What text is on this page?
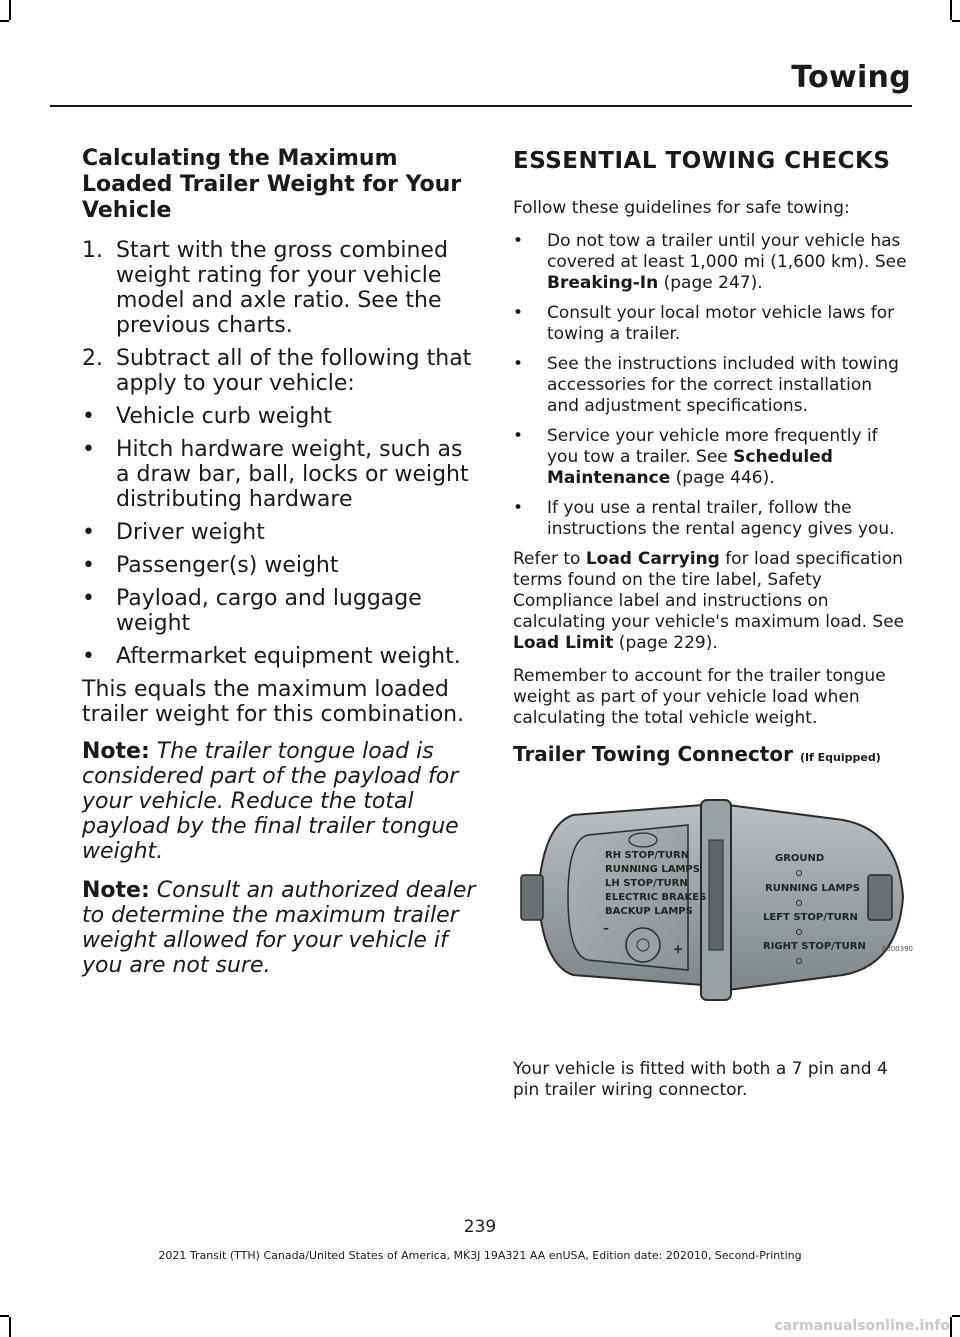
Towing
Calculating the Maximum Loaded Trailer Weight for Your Vehicle
1. Start with the gross combined weight rating for your vehicle model and axle ratio. See the previous charts.
2. Subtract all of the following that apply to your vehicle:
• Vehicle curb weight
• Hitch hardware weight, such as a draw bar, ball, locks or weight distributing hardware
• Driver weight
• Passenger(s) weight
• Payload, cargo and luggage weight
• Aftermarket equipment weight.

This equals the maximum loaded trailer weight for this combination.

Note: The trailer tongue load is considered part of the payload for your vehicle. Reduce the total payload by the final trailer tongue weight.

Note: Consult an authorized dealer to determine the maximum trailer weight allowed for your vehicle if you are not sure.

ESSENTIAL TOWING CHECKS

Follow these guidelines for safe towing:

• Do not tow a trailer until your vehicle has covered at least 1,000 mi (1,600 km). See Breaking-In (page 247).
• Consult your local motor vehicle laws for towing a trailer.
• See the instructions included with towing accessories for the correct installation and adjustment specifications.
• Service your vehicle more frequently if you tow a trailer. See Scheduled Maintenance (page 446).
• If you use a rental trailer, follow the instructions the rental agency gives you.

Refer to Load Carrying for load specification terms found on the tire label, Safety Compliance label and instructions on calculating your vehicle's maximum load. See Load Limit (page 229).

Remember to account for the trailer tongue weight as part of your vehicle load when calculating the total vehicle weight.

Trailer Towing Connector (If Equipped)
RH STOP/TURN
RUNNING LAMPS
LH STOP/TURN
ELECTRIC BRAKES
BACKUP LAMPS
–
+
GROUND
RUNNING LAMPS
LEFT STOP/TURN
RIGHT STOP/TURN E300390

Your vehicle is fitted with both a 7 pin and 4 pin trailer wiring connector.

239
2021 Transit (TTH) Canada/United States of America, MK3J 19A321 AA enUSA, Edition date: 202010, Second-Printing
carmanualsonline.info
